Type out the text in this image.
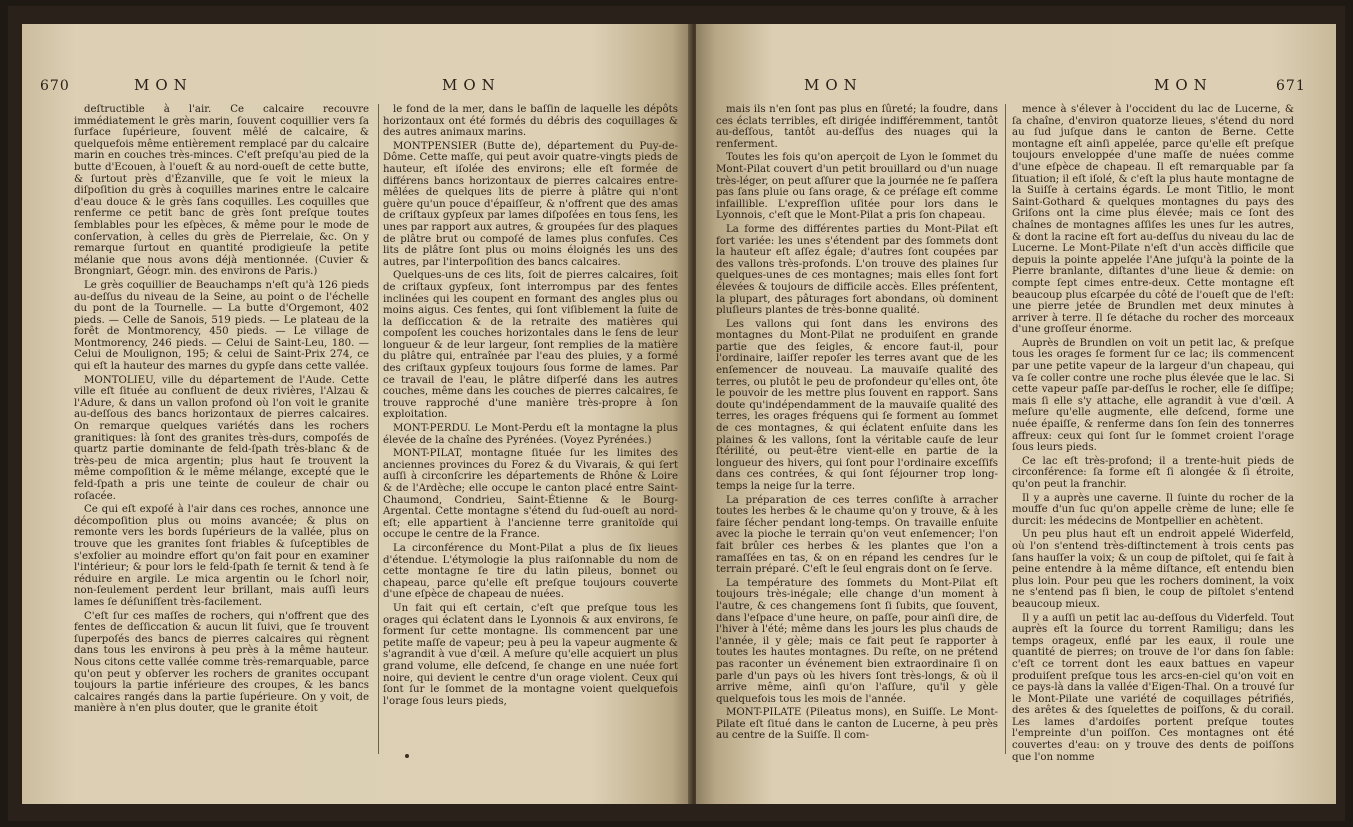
670	MON	MON

deſtructible à l'air. Ce calcaire recouvre immédiatement le grès marin, ſouvent coquillier vers ſa ſurface ſupérieure, ſouvent mêlé de calcaire, & quelquefois même entièrement remplacé par du calcaire marin en couches très-minces. C'eſt preſqu'au pied de la butte d'Ecouen, à l'oueſt & au nord-oueſt de cette butte, & ſurtout près d'Ézanville, que ſe voit le mieux la diſpoſition du grès à coquilles marines entre le calcaire d'eau douce & le grès ſans coquilles. Les coquilles que renferme ce petit banc de grès ſont preſque toutes ſemblables pour les eſpèces, & même pour le mode de conſervation, à celles du grès de Pierrelaie, &c. On y remarque ſurtout en quantité prodigieuſe la petite mélanie que nous avons déjà mentionnée. (Cuvier & Brongniart, Géogr. min. des environs de Paris.)

Le grès coquillier de Beauchamps n'eſt qu'à 126 pieds au-deſſus du niveau de la Seine, au point o de l'échelle du pont de la Tournelle. — La butte d'Orgemont, 402 pieds. — Celle de Sanois, 519 pieds. — Le plateau de la forêt de Montmorency, 450 pieds. — Le village de Montmorency, 246 pieds. — Celui de Saint-Leu, 180. — Celui de Moulignon, 195; & celui de Saint-Prix 274, ce qui eſt la hauteur des marnes du gypſe dans cette vallée.

MONTOLIEU, ville du département de l'Aude. Cette ville eſt ſituée au confluent de deux rivières, l'Alzau & l'Adure, & dans un vallon profond où l'on voit le granite au-deſſous des bancs horizontaux de pierres calcaires. On remarque quelques variétés dans les rochers granitiques: là ſont des granites très-durs, compoſés de quartz partie dominante de feld-ſpath très-blanc & de très-peu de mica argentin; plus haut ſe trouvent la même compoſition & le même mélange, excepté que le feld-ſpath a pris une teinte de couleur de chair ou roſacée.

Ce qui eſt expoſé à l'air dans ces roches, annonce une décompoſition plus ou moins avancée; & plus on remonte vers les bords ſupérieurs de la vallée, plus on trouve que les granites ſont friables & ſuſceptibles de s'exfolier au moindre effort qu'on fait pour en examiner l'intérieur; & pour lors le feld-ſpath ſe ternit & tend à ſe réduire en argile. Le mica argentin ou le ſchorl noir, non-ſeulement perdent leur brillant, mais auſſi leurs lames ſe déſuniſſent très-facilement.

C'eſt ſur ces maſſes de rochers, qui n'offrent que des fentes de deſſiccation & aucun lit ſuivi, que ſe trouvent ſuperpoſés des bancs de pierres calcaires qui règnent dans tous les environs à peu près à la même hauteur. Nous citons cette vallée comme très-remarquable, parce qu'on peut y obſerver les rochers de granites occupant toujours la partie inférieure des croupes, & les bancs calcaires rangés dans la partie ſupérieure. On y voit, de manière à n'en plus douter, que le granite étoit

le fond de la mer, dans le baſſin de laquelle les dépôts horizontaux ont été formés du débris des coquillages & des autres animaux marins.

MONTPENSIER (Butte de), département du Puy-de-Dôme. Cette maſſe, qui peut avoir quatre-vingts pieds de hauteur, eſt iſolée des environs; elle eſt formée de différens bancs horizontaux de pierres calcaires entre-mêlées de quelques lits de pierre à plâtre qui n'ont guère qu'un pouce d'épaiſſeur, & n'offrent que des amas de criſtaux gypſeux par lames diſpoſées en tous ſens, les unes par rapport aux autres, & groupées ſur des plaques de plâtre brut ou compoſé de lames plus confuſes. Ces lits de plâtre ſont plus ou moins éloignés les uns des autres, par l'interpoſition des bancs calcaires.

Quelques-uns de ces lits, ſoit de pierres calcaires, ſoit de criſtaux gypſeux, ſont interrompus par des fentes inclinées qui les coupent en formant des angles plus ou moins aigus. Ces fentes, qui ſont viſiblement la ſuite de la deſſiccation & de la retraite des matières qui compoſent les couches horizontales dans le ſens de leur longueur & de leur largeur, ſont remplies de la matière du plâtre qui, entraînée par l'eau des pluies, y a formé des criſtaux gypſeux toujours ſous forme de lames. Par ce travail de l'eau, le plâtre diſperſé dans les autres couches, même dans les couches de pierres calcaires, ſe trouve rapproché d'une manière très-propre à ſon exploitation.

MONT-PERDU. Le Mont-Perdu eſt la montagne la plus élevée de la chaîne des Pyrénées. (Voyez Pyrénées.)

MONT-PILAT, montagne ſituée ſur les limites des anciennes provinces du Forez & du Vivarais, & qui ſert auſſi à circonſcrire les départements de Rhône & Loire & de l'Ardèche; elle occupe le canton placé entre Saint-Chaumond, Condrieu, Saint-Étienne & le Bourg-Argental. Cette montagne s'étend du ſud-oueſt au nord-eſt; elle appartient à l'ancienne terre granitoïde qui occupe le centre de la France.

La circonférence du Mont-Pilat a plus de ſix lieues d'étendue. L'étymologie la plus raiſonnable du nom de cette montagne ſe tire du latin pileus, bonnet ou chapeau, parce qu'elle eſt preſque toujours couverte d'une eſpèce de chapeau de nuées.

Un fait qui eſt certain, c'eſt que preſque tous les orages qui éclatent dans le Lyonnois & aux environs, ſe forment ſur cette montagne. Ils commencent par une petite maſſe de vapeur; peu à peu la vapeur augmente & s'agrandit à vue d'œil. A meſure qu'elle acquiert un plus grand volume, elle deſcend, ſe change en une nuée fort noire, qui devient le centre d'un orage violent. Ceux qui ſont ſur le ſommet de la montagne voient quelquefois l'orage ſous leurs pieds,

MON	MON	671

mais ils n'en ſont pas plus en ſûreté; la foudre, dans ces éclats terribles, eſt dirigée indifféremment, tantôt au-deſſous, tantôt au-deſſus des nuages qui la renferment.

Toutes les fois qu'on aperçoit de Lyon le ſommet du Mont-Pilat couvert d'un petit brouillard ou d'un nuage très-léger, on peut aſſurer que la journée ne ſe paſſera pas ſans pluie ou ſans orage, & ce préſage eſt comme infaillible. L'expreſſion uſitée pour lors dans le Lyonnois, c'eſt que le Mont-Pilat a pris ſon chapeau.

La forme des différentes parties du Mont-Pilat eſt fort variée: les unes s'étendent par des ſommets dont la hauteur eſt aſſez égale; d'autres ſont coupées par des vallons très-profonds. L'on trouve des plaines ſur quelques-unes de ces montagnes; mais elles ſont fort élevées & toujours de difficile accès. Elles préſentent, la plupart, des pâturages fort abondans, où dominent pluſieurs plantes de très-bonne qualité.

Les vallons qui ſont dans les environs des montagnes du Mont-Pilat ne produiſent en grande partie que des ſeigles, & encore faut-il, pour l'ordinaire, laiſſer repoſer les terres avant que de les enſemencer de nouveau. La mauvaiſe qualité des terres, ou plutôt le peu de profondeur qu'elles ont, ôte le pouvoir de les mettre plus ſouvent en rapport. Sans doute qu'indépendamment de la mauvaiſe qualité des terres, les orages fréquens qui ſe forment au ſommet de ces montagnes, & qui éclatent enſuite dans les plaines & les vallons, ſont la véritable cauſe de leur ſtérilité, ou peut-être vient-elle en partie de la longueur des hivers, qui ſont pour l'ordinaire exceſſifs dans ces contrées, & qui ſont ſéjourner trop long-temps la neige ſur la terre.

La préparation de ces terres conſiſte à arracher toutes les herbes & le chaume qu'on y trouve, & à les faire ſécher pendant long-temps. On travaille enſuite avec la pioche le terrain qu'on veut enſemencer; l'on fait brûler ces herbes & les plantes que l'on a ramaſſées en tas, & on en répand les cendres ſur le terrain préparé. C'eſt le ſeul engrais dont on ſe ſerve.

La température des ſommets du Mont-Pilat eſt toujours très-inégale; elle change d'un moment à l'autre, & ces changemens ſont ſi ſubits, que ſouvent, dans l'eſpace d'une heure, on paſſe, pour ainſi dire, de l'hiver à l'été; même dans les jours les plus chauds de l'année, il y gèle; mais ce fait peut ſe rapporter à toutes les hautes montagnes. Du reſte, on ne prétend pas raconter un événement bien extraordinaire ſi on parle d'un pays où les hivers ſont très-longs, & où il arrive même, ainſi qu'on l'aſſure, qu'il y gèle quelquefois tous les mois de l'année.

MONT-PILATE (Pileatus mons), en Suiſſe. Le Mont-Pilate eſt ſitué dans le canton de Lucerne, à peu près au centre de la Suiſſe. Il com-

mence à s'élever à l'occident du lac de Lucerne, & ſa chaîne, d'environ quatorze lieues, s'étend du nord au ſud juſque dans le canton de Berne. Cette montagne eſt ainſi appelée, parce qu'elle eſt preſque toujours enveloppée d'une maſſe de nuées comme d'une eſpèce de chapeau. Il eſt remarquable par ſa ſituation; il eſt iſolé, & c'eſt la plus haute montagne de la Suiſſe à certains égards. Le mont Titlio, le mont Saint-Gothard & quelques montagnes du pays des Griſons ont la cime plus élevée; mais ce ſont des chaînes de montagnes aſſiſes les unes ſur les autres, & dont la racine eſt fort au-deſſus du niveau du lac de Lucerne. Le Mont-Pilate n'eſt d'un accès difficile que depuis la pointe appelée l'Ane juſqu'à la pointe de la Pierre branlante, diſtantes d'une lieue & demie: on compte ſept cimes entre-deux. Cette montagne eſt beaucoup plus eſcarpée du côté de l'oueſt que de l'eſt: une pierre jetée de Brundlen met deux minutes à arriver à terre. Il ſe détache du rocher des morceaux d'une groſſeur énorme.

Auprès de Brundlen on voit un petit lac, & preſque tous les orages ſe forment ſur ce lac; ils commencent par une petite vapeur de la largeur d'un chapeau, qui va ſe coller contre une roche plus élevée que le lac. Si cette vapeur paſſe par-deſſus le rocher, elle ſe diſſipe; mais ſi elle s'y attache, elle agrandit à vue d'œil. A meſure qu'elle augmente, elle deſcend, forme une nuée épaiſſe, & renferme dans ſon ſein des tonnerres affreux: ceux qui ſont ſur le ſommet croient l'orage ſous leurs pieds.

Ce lac eſt très-profond; il a trente-huit pieds de circonférence: ſa forme eſt ſi alongée & ſi étroite, qu'on peut la franchir.

Il y a auprès une caverne. Il ſuinte du rocher de la mouffe d'un ſuc qu'on appelle crème de lune; elle ſe durcit: les médecins de Montpellier en achètent.

Un peu plus haut eſt un endroit appelé Widerfeld, où l'on s'entend très-diſtinctement à trois cents pas ſans hauſſer la voix; & un coup de piſtolet, qui ſe fait à peine entendre à la même diſtance, eſt entendu bien plus loin. Pour peu que les rochers dominent, la voix ne s'entend pas ſi bien, le coup de piſtolet s'entend beaucoup mieux.

Il y a auſſi un petit lac au-deſſous du Viderfeld. Tout auprès eſt la ſource du torrent Ramiligu; dans les temps orageux, enflé par les eaux, il roule une quantité de pierres; on trouve de l'or dans ſon ſable: c'eſt ce torrent dont les eaux battues en vapeur produiſent preſque tous les arcs-en-ciel qu'on voit en ce pays-là dans la vallée d'Eigen-Thal. On a trouvé ſur le Mont-Pilate une variété de coquillages pétrifiés, des arêtes & des ſquelettes de poiſſons, & du corail. Les lames d'ardoiſes portent preſque toutes l'empreinte d'un poiſſon. Ces montagnes ont été couvertes d'eau: on y trouve des dents de poiſſons que l'on nomme
